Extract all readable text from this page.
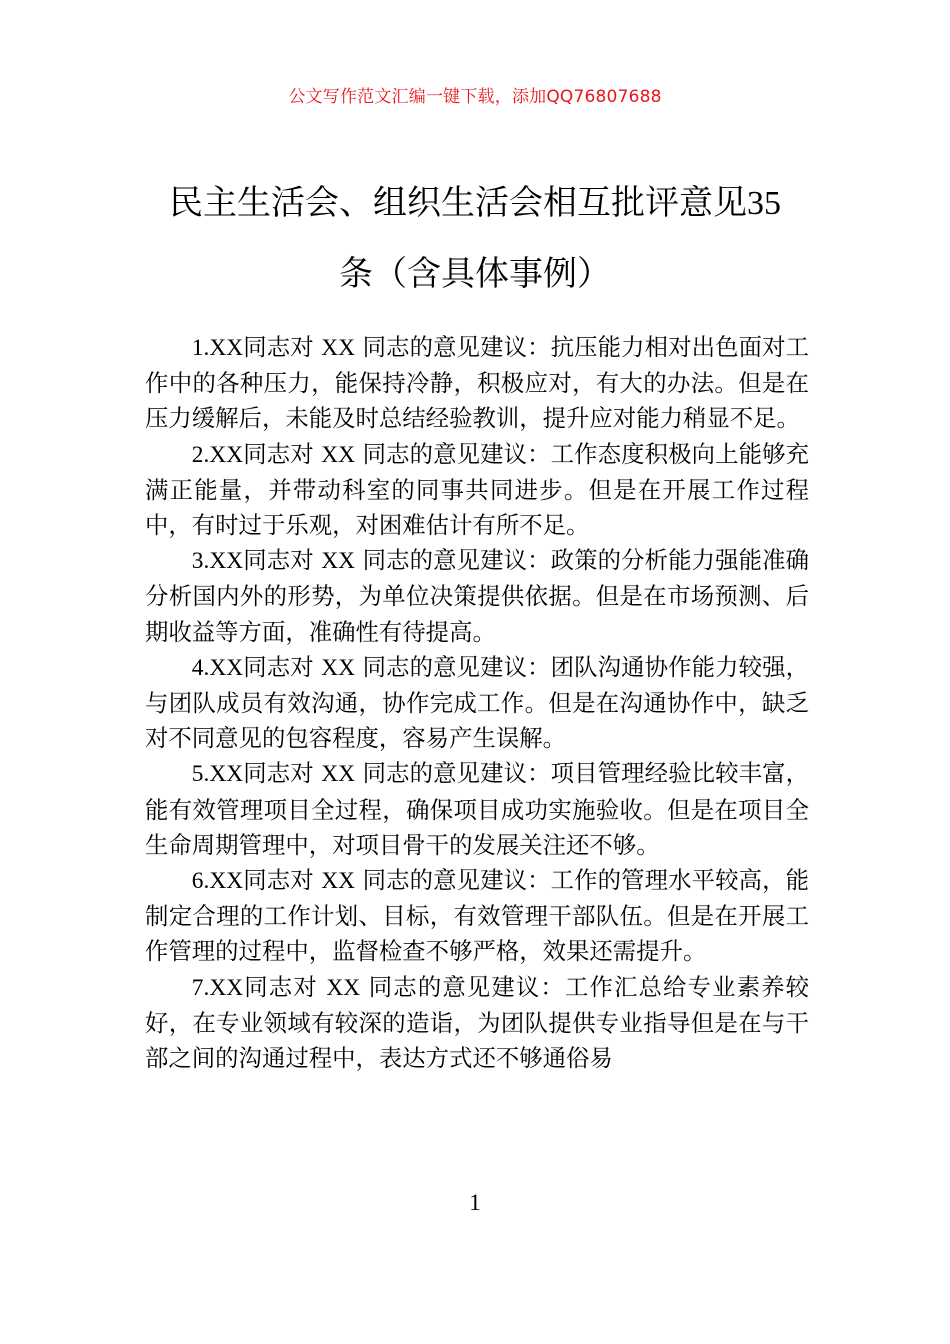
公文写作范文汇编一键下载，添加QQ76807688
民主生活会、组织生活会相互批评意见35
条（含具体事例）

1.XX同志对 XX 同志的意见建议：抗压能力相对出色面对工作中的各种压力，能保持冷静，积极应对，有大的办法。但是在压力缓解后，未能及时总结经验教训，提升应对能力稍显不足。

2.XX同志对 XX 同志的意见建议：工作态度积极向上能够充满正能量，并带动科室的同事共同进步。但是在开展工作过程中，有时过于乐观，对困难估计有所不足。

3.XX同志对 XX 同志的意见建议：政策的分析能力强能准确分析国内外的形势，为单位决策提供依据。但是在市场预测、后期收益等方面，准确性有待提高。

4.XX同志对 XX 同志的意见建议：团队沟通协作能力较强，与团队成员有效沟通，协作完成工作。但是在沟通协作中，缺乏对不同意见的包容程度，容易产生误解。

5.XX同志对 XX 同志的意见建议：项目管理经验比较丰富，能有效管理项目全过程，确保项目成功实施验收。但是在项目全生命周期管理中，对项目骨干的发展关注还不够。

6.XX同志对 XX 同志的意见建议：工作的管理水平较高，能制定合理的工作计划、目标，有效管理干部队伍。但是在开展工作管理的过程中，监督检查不够严格，效果还需提升。

7.XX同志对 XX 同志的意见建议：工作汇总给专业素养较好，在专业领域有较深的造诣，为团队提供专业指导但是在与干部之间的沟通过程中，表达方式还不够通俗易

1
